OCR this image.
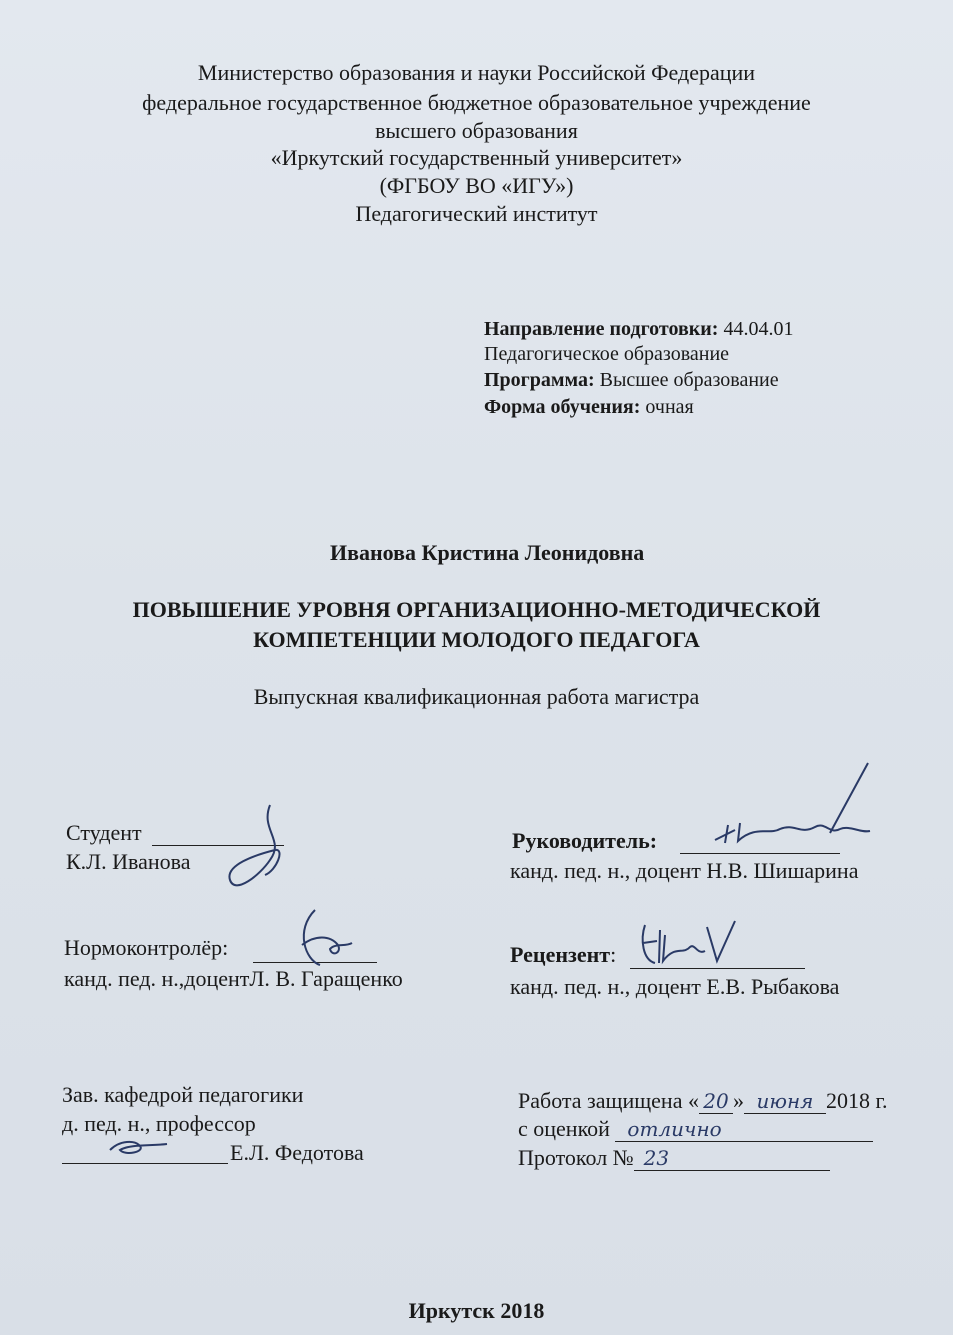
Министерство образования и науки Российской Федерации
федеральное государственное бюджетное образовательное учреждение
высшего образования
«Иркутский государственный университет»
(ФГБОУ ВО «ИГУ»)
Педагогический институт
Направление подготовки: 44.04.01
Педагогическое образование
Программа: Высшее образование
Форма обучения: очная
Иванова Кристина Леонидовна
ПОВЫШЕНИЕ УРОВНЯ ОРГАНИЗАЦИОННО-МЕТОДИЧЕСКОЙ
КОМПЕТЕНЦИИ МОЛОДОГО ПЕДАГОГА
Выпускная квалификационная работа магистра
Студент
К.Л. Иванова
Руководитель:
канд. пед. н., доцент Н.В. Шишарина
Нормоконтролёр:
канд. пед. н.,доцентЛ. В. Гаращенко
Рецензент:
канд. пед. н., доцент Е.В. Рыбакова
Зав. кафедрой педагогики
д. пед. н., профессор
Е.Л. Федотова
Работа защищена « 20 » июня 2018 г.
с оценкой отлично
Протокол № 23
Иркутск 2018
